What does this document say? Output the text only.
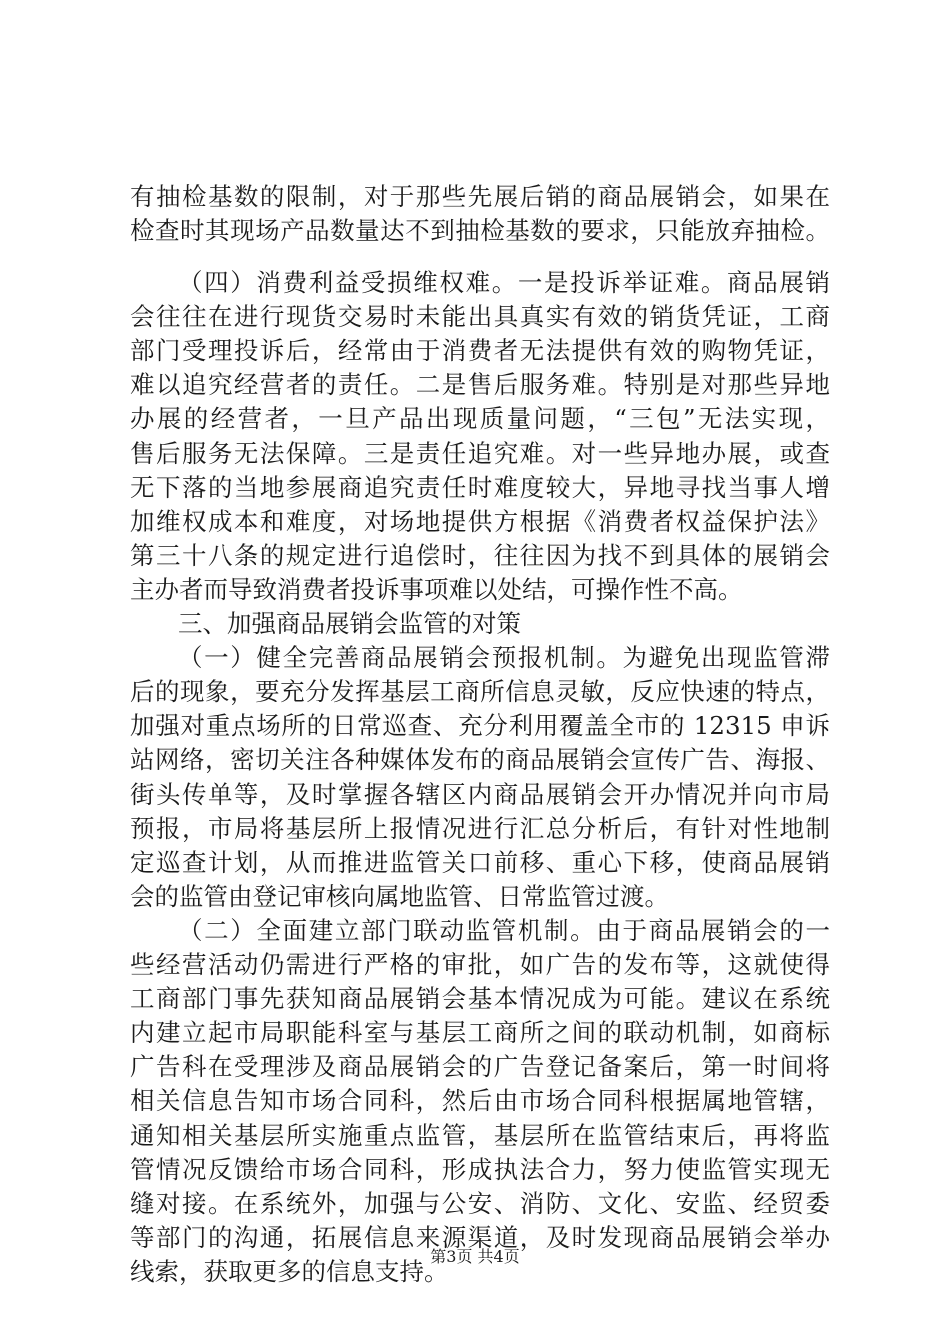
有抽检基数的限制，对于那些先展后销的商品展销会，如果在
检查时其现场产品数量达不到抽检基数的要求，只能放弃抽检。
（四）消费利益受损维权难。一是投诉举证难。商品展销
会往往在进行现货交易时未能出具真实有效的销货凭证，工商
部门受理投诉后，经常由于消费者无法提供有效的购物凭证，
难以追究经营者的责任。二是售后服务难。特别是对那些异地
办展的经营者，一旦产品出现质量问题，“三包”无法实现，
售后服务无法保障。三是责任追究难。对一些异地办展，或查
无下落的当地参展商追究责任时难度较大，异地寻找当事人增
加维权成本和难度，对场地提供方根据《消费者权益保护法》
第三十八条的规定进行追偿时，往往因为找不到具体的展销会
主办者而导致消费者投诉事项难以处结，可操作性不高。
三、加强商品展销会监管的对策
（一）健全完善商品展销会预报机制。为避免出现监管滞
后的现象，要充分发挥基层工商所信息灵敏，反应快速的特点，
加强对重点场所的日常巡查、充分利用覆盖全市的 12315 申诉
站网络，密切关注各种媒体发布的商品展销会宣传广告、海报、
街头传单等，及时掌握各辖区内商品展销会开办情况并向市局
预报，市局将基层所上报情况进行汇总分析后，有针对性地制
定巡查计划，从而推进监管关口前移、重心下移，使商品展销
会的监管由登记审核向属地监管、日常监管过渡。
（二）全面建立部门联动监管机制。由于商品展销会的一
些经营活动仍需进行严格的审批，如广告的发布等，这就使得
工商部门事先获知商品展销会基本情况成为可能。建议在系统
内建立起市局职能科室与基层工商所之间的联动机制，如商标
广告科在受理涉及商品展销会的广告登记备案后，第一时间将
相关信息告知市场合同科，然后由市场合同科根据属地管辖，
通知相关基层所实施重点监管，基层所在监管结束后，再将监
管情况反馈给市场合同科，形成执法合力，努力使监管实现无
缝对接。在系统外，加强与公安、消防、文化、安监、经贸委
等部门的沟通，拓展信息来源渠道，及时发现商品展销会举办
线索，获取更多的信息支持。
第3页 共4页
